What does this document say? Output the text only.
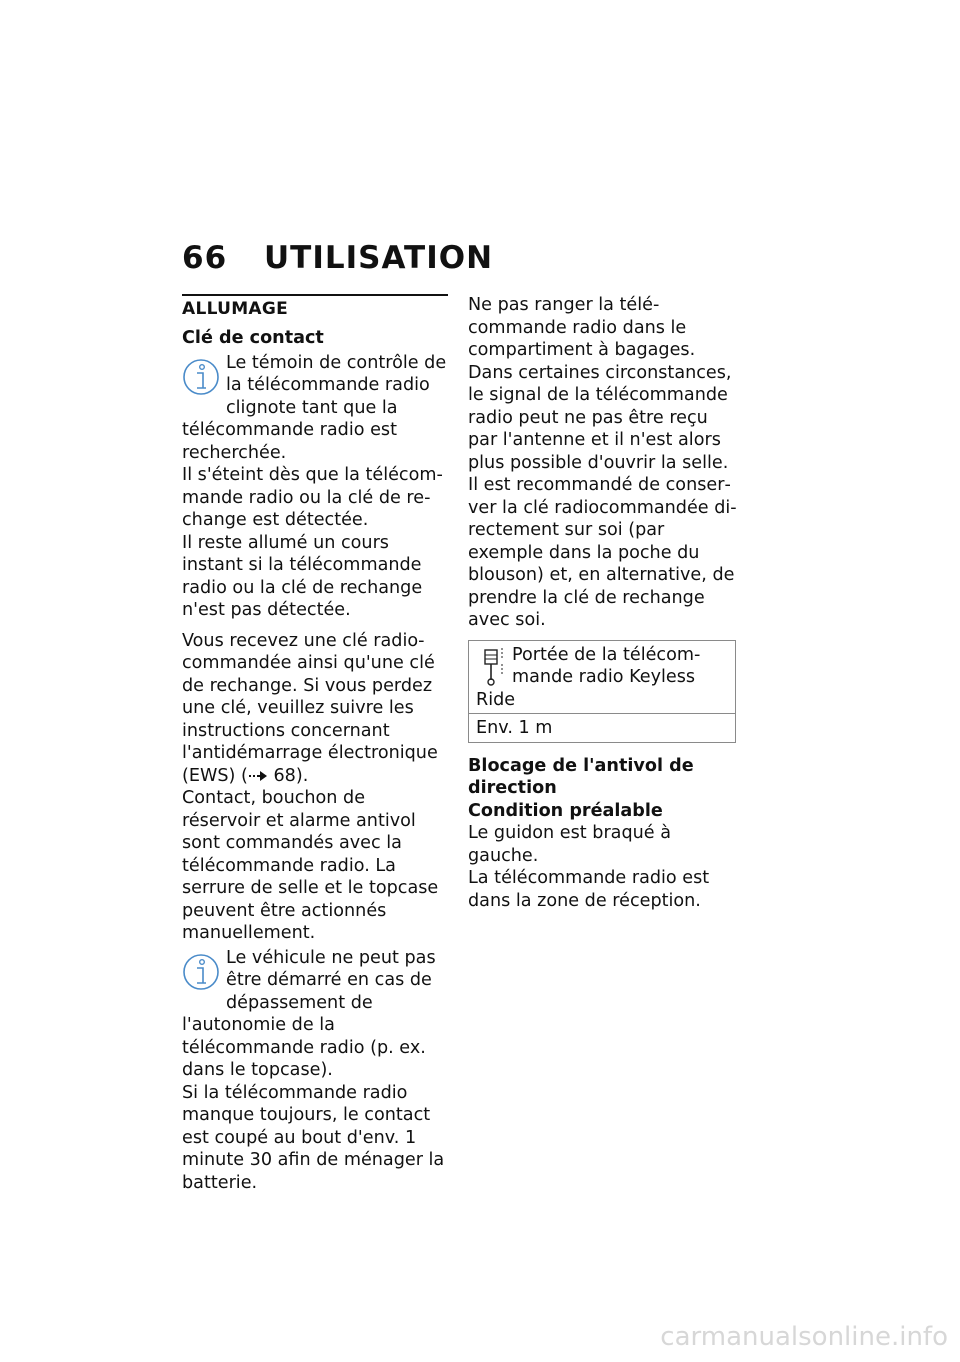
66 UTILISATION
ALLUMAGE
Clé de contact

Le témoin de contrôle de la télécommande radio clignote tant que la télécommande radio est recherchée.

Il s'éteint dès que la télécommande radio ou la clé de rechange est détectée.

Il reste allumé un cours instant si la télécommande radio ou la clé de rechange n'est pas détectée.

Vous recevez une clé radiocommandée ainsi qu'une clé de rechange. Si vous perdez une clé, veuillez suivre les instructions concernant l'antidémarrage électronique (EWS) ( 68).

Contact, bouchon de réservoir et alarme antivol sont commandés avec la télécommande radio. La serrure de selle et le topcase peuvent être actionnés manuellement.

Le véhicule ne peut pas être démarré en cas de dépassement de l'autonomie de la télécommande radio (p. ex. dans le topcase).

Si la télécommande radio manque toujours, le contact est coupé au bout d'env. 1 minute 30 afin de ménager la batterie.

Ne pas ranger la télécommande radio dans le compartiment à bagages.

Dans certaines circonstances, le signal de la télécommande radio peut ne pas être reçu par l'antenne et il n'est alors plus possible d'ouvrir la selle.

Il est recommandé de conserver la clé radiocommandée directement sur soi (par exemple dans la poche du blouson) et, en alternative, de prendre la clé de rechange avec soi.

Portée de la télécommande radio Keyless Ride
Env. 1 m
Blocage de l'antivol de direction
Condition préalable

Le guidon est braqué à gauche.

La télécommande radio est dans la zone de réception.

carmanualsonline.info
